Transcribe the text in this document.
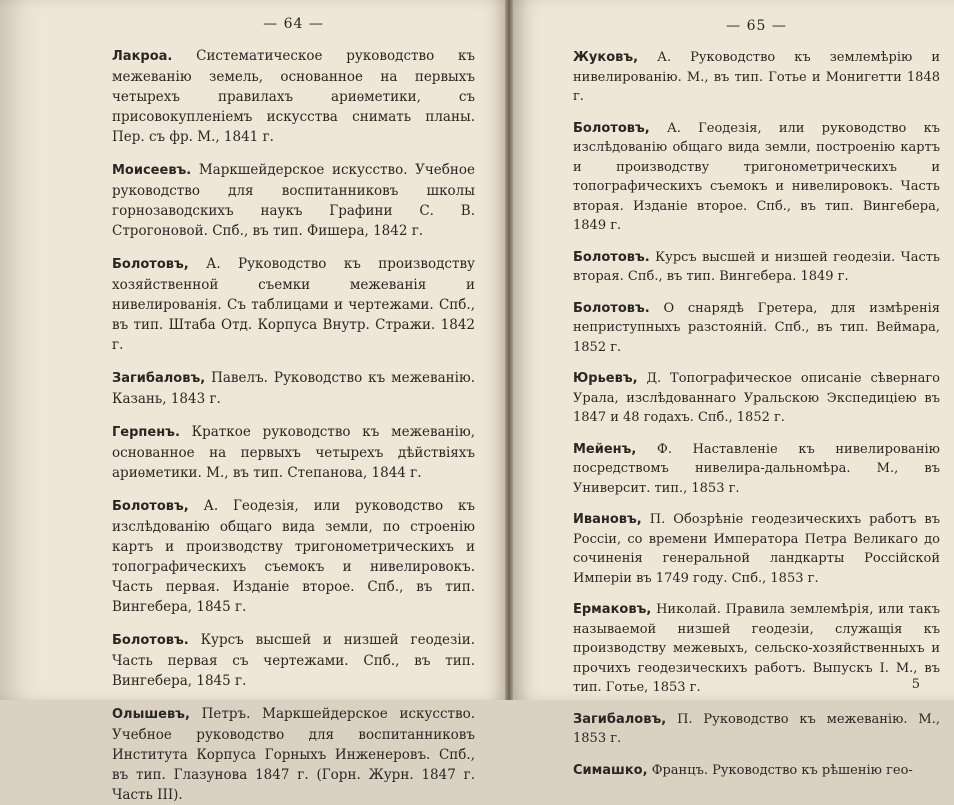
— 64 —

Лакроа. Систематическое руководство къ межеванію земель, основанное на первыхъ четырехъ правилахъ ариѳметики, съ присовокупленіемъ искусства снимать планы. Пер. съ фр. М., 1841 г.

Моисеевъ. Маркшейдерское искусство. Учебное руководство для воспитанниковъ школы горнозаводскихъ наукъ Графини С. В. Строгоновой. Спб., въ тип. Фишера, 1842 г.

Болотовъ, А. Руководство къ производству хозяйственной съемки межеванія и нивелированія. Съ таблицами и чертежами. Спб., въ тип. Штаба Отд. Корпуса Внутр. Стражи. 1842 г.

Загибаловъ, Павелъ. Руководство къ межеванію. Казань, 1843 г.

Герпенъ. Краткое руководство къ межеванію, основанное на первыхъ четырехъ дѣйствіяхъ ариѳметики. М., въ тип. Степанова, 1844 г.

Болотовъ, А. Геодезія, или руководство къ изслѣдованію общаго вида земли, по строенію картъ и производству тригонометрическихъ и топографическихъ съемокъ и нивелировокъ. Часть первая. Изданіе второе. Спб., въ тип. Вингебера, 1845 г.

Болотовъ. Курсъ высшей и низшей геодезіи. Часть первая съ чертежами. Спб., въ тип. Вингебера, 1845 г.

Олышевъ, Петръ. Маркшейдерское искусство. Учебное руководство для воспитанниковъ Института Корпуса Горныхъ Инженеровъ. Спб., въ тип. Глазунова 1847 г. (Горн. Журн. 1847 г. Часть III).

— 65 —

Жуковъ, А. Руководство къ землемѣрію и нивелированію. М., въ тип. Готье и Монигетти 1848 г.

Болотовъ, А. Геодезія, или руководство къ изслѣдованію общаго вида земли, построенію картъ и производству тригонометрическихъ и топографическихъ съемокъ и нивелировокъ. Часть вторая. Изданіе второе. Спб., въ тип. Вингебера, 1849 г.

Болотовъ. Курсъ высшей и низшей геодезіи. Часть вторая. Спб., въ тип. Вингебера. 1849 г.

Болотовъ. О снарядѣ Гретера, для измѣренія неприступныхъ разстояній. Спб., въ тип. Веймара, 1852 г.

Юрьевъ, Д. Топографическое описаніе сѣвернаго Урала, изслѣдованнаго Уральскою Экспедиціею въ 1847 и 48 годахъ. Спб., 1852 г.

Мейенъ, Ф. Наставленіе къ нивелированію посредствомъ нивелира-дальномѣра. М., въ Университ. тип., 1853 г.

Ивановъ, П. Обозрѣніе геодезическихъ работъ въ Россіи, со времени Императора Петра Великаго до сочиненія генеральной ландкарты Россійской Имперіи въ 1749 году. Спб., 1853 г.

Ермаковъ, Николай. Правила землемѣрія, или такъ называемой низшей геодезіи, служащія къ производству межевыхъ, сельско-хозяйственныхъ и прочихъ геодезическихъ работъ. Выпускъ I. М., въ тип. Готье, 1853 г.

Загибаловъ, П. Руководство къ межеванію. М., 1853 г.

Симашко, Францъ. Руководство къ рѣшенію гео-

5
